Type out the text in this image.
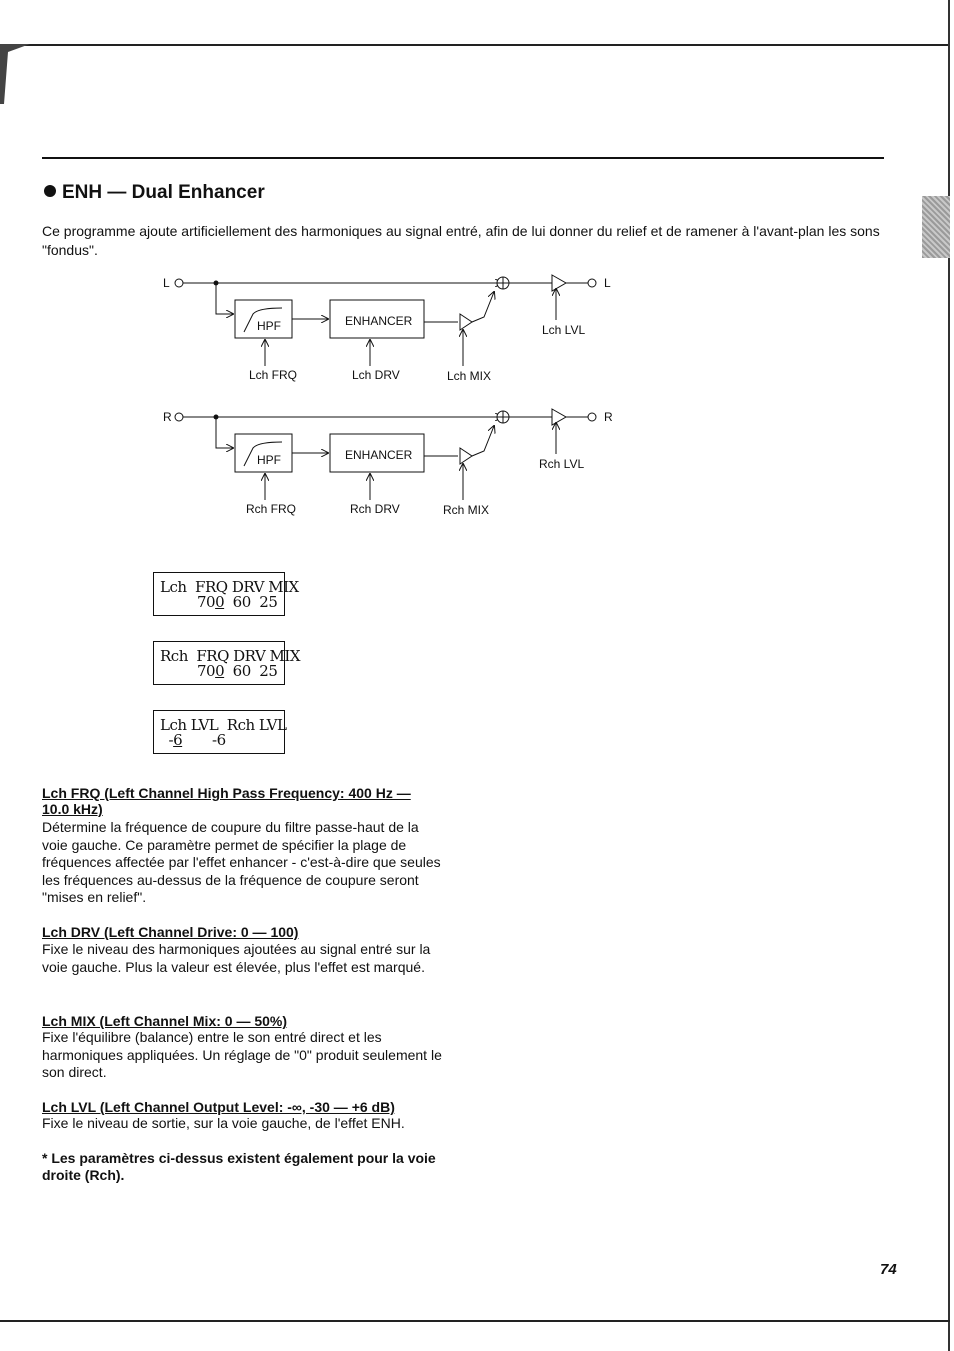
ENH — Dual Enhancer
Ce programme ajoute artificiellement des harmoniques au signal entré, afin de lui donner du relief et de ramener à l'avant-plan les sons "fondus".
L
HPF	ENHANCER
L
Lch FRQ	Lch DRV	Lch MIX
Lch LVL
R
HPF	ENHANCER
R
Rch FRQ	Rch DRV	Rch MIX
Rch LVL
Lch  FRQ DRV MIX
700  60  25
Rch  FRQ DRV MIX
700  60  25
Lch LVL  Rch LVL
-6       -6
Lch FRQ (Left Channel High Pass Frequency: 400 Hz — 10.0 kHz)
Détermine la fréquence de coupure du filtre passe-haut de la voie gauche. Ce paramètre permet de spécifier la plage de fréquences affectée par l'effet enhancer - c'est-à-dire que seules les fréquences au-dessus de la fréquence de coupure seront "mises en relief".
Lch DRV (Left Channel Drive: 0 — 100)
Fixe le niveau des harmoniques ajoutées au signal entré sur la voie gauche. Plus la valeur est élevée, plus l'effet est marqué.
Lch MIX (Left Channel Mix: 0 — 50%)
Fixe l'équilibre (balance) entre le son entré direct et les harmoniques appliquées. Un réglage de "0" produit seulement le son direct.
Lch LVL (Left Channel Output Level: -∞, -30 — +6 dB)
Fixe le niveau de sortie, sur la voie gauche, de l'effet ENH.
* Les paramètres ci-dessus existent également pour la voie droite (Rch).
74
